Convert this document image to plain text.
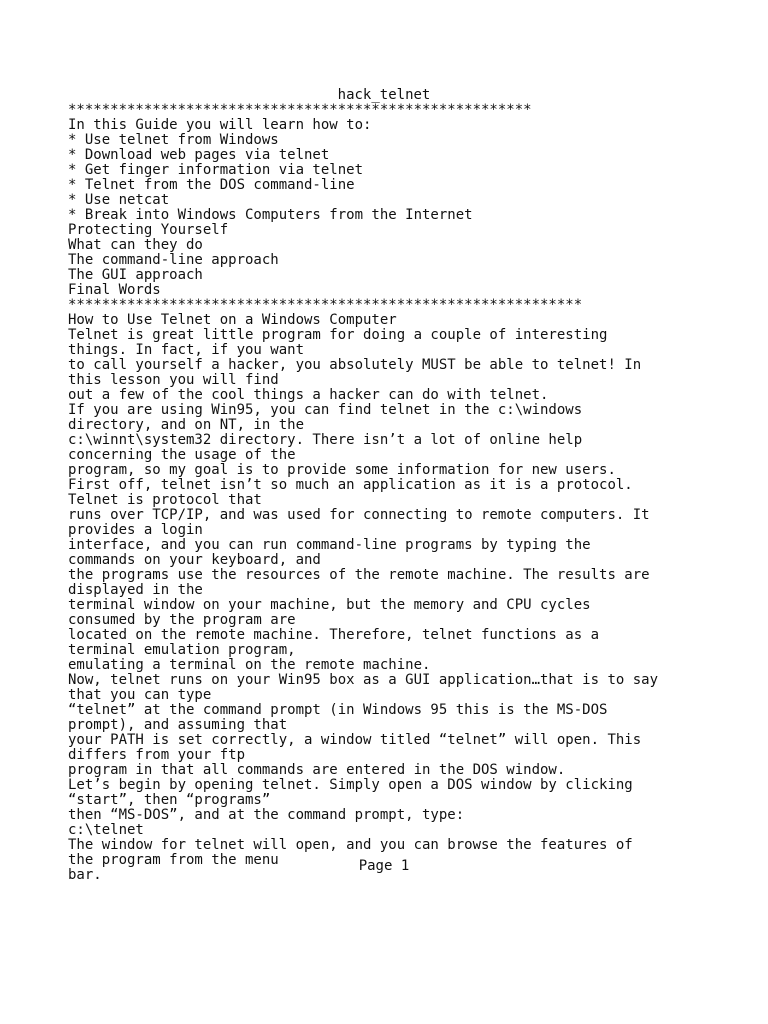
hack_telnet
*******************************************************
In this Guide you will learn how to:
* Use telnet from Windows
* Download web pages via telnet
* Get finger information via telnet
* Telnet from the DOS command-line
* Use netcat
* Break into Windows Computers from the Internet
Protecting Yourself
What can they do
The command-line approach
The GUI approach
Final Words
*************************************************************
How to Use Telnet on a Windows Computer
Telnet is great little program for doing a couple of interesting
things. In fact, if you want
to call yourself a hacker, you absolutely MUST be able to telnet! In
this lesson you will find
out a few of the cool things a hacker can do with telnet.
If you are using Win95, you can find telnet in the c:\windows
directory, and on NT, in the
c:\winnt\system32 directory. There isn’t a lot of online help
concerning the usage of the
program, so my goal is to provide some information for new users.
First off, telnet isn’t so much an application as it is a protocol.
Telnet is protocol that
runs over TCP/IP, and was used for connecting to remote computers. It
provides a login
interface, and you can run command-line programs by typing the
commands on your keyboard, and
the programs use the resources of the remote machine. The results are
displayed in the
terminal window on your machine, but the memory and CPU cycles
consumed by the program are
located on the remote machine. Therefore, telnet functions as a
terminal emulation program,
emulating a terminal on the remote machine.
Now, telnet runs on your Win95 box as a GUI application…that is to say
that you can type
“telnet” at the command prompt (in Windows 95 this is the MS-DOS
prompt), and assuming that
your PATH is set correctly, a window titled “telnet” will open. This
differs from your ftp
program in that all commands are entered in the DOS window.
Let’s begin by opening telnet. Simply open a DOS window by clicking
“start”, then “programs”
then “MS-DOS”, and at the command prompt, type:
c:\telnet
The window for telnet will open, and you can browse the features of
the program from the menu
bar.
Page 1
